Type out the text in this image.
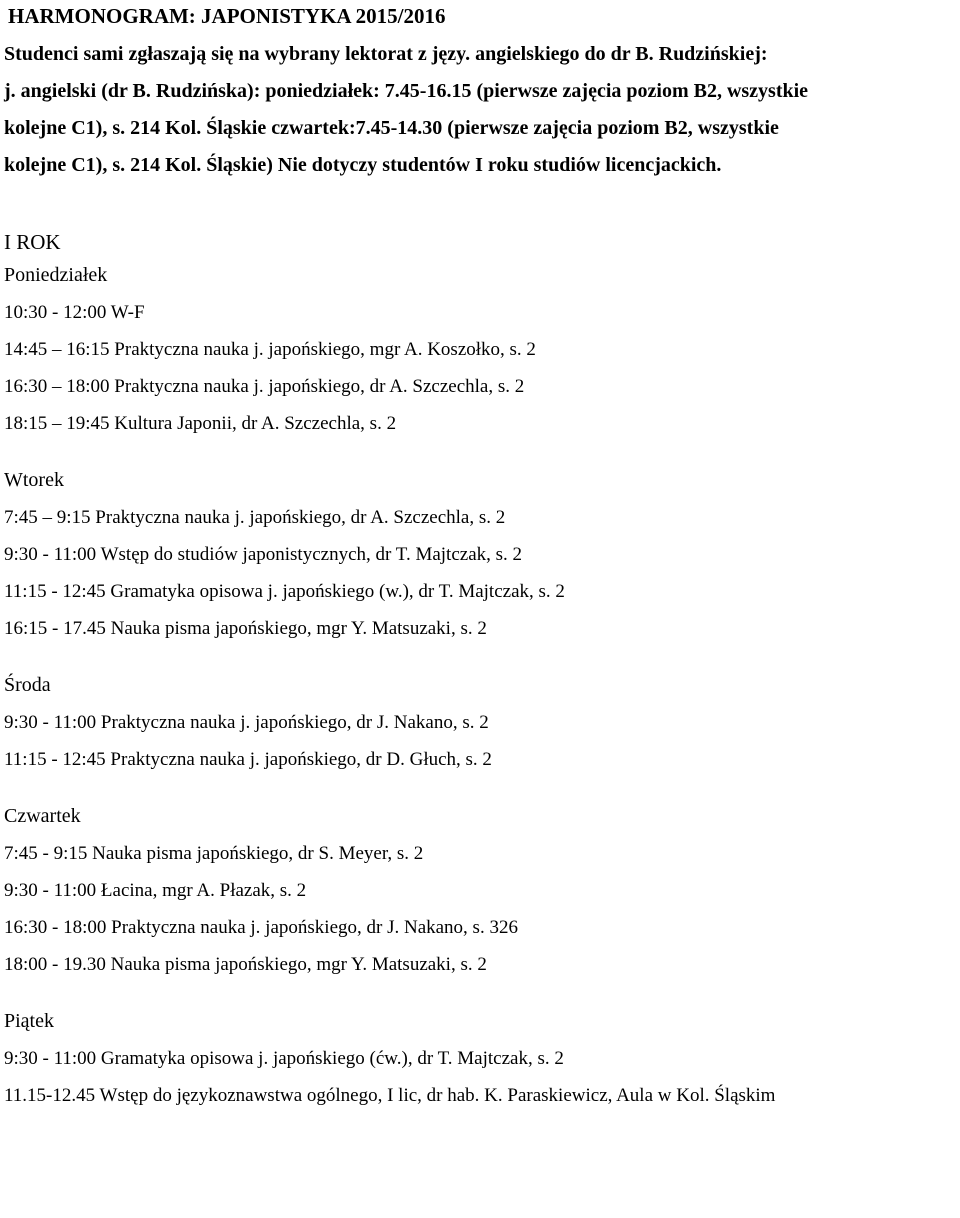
HARMONOGRAM: JAPONISTYKA 2015/2016

Studenci sami zgłaszają się na wybrany lektorat z języ. angielskiego do dr B. Rudzińskiej:

j. angielski (dr B. Rudzińska): poniedziałek: 7.45-16.15 (pierwsze zajęcia poziom B2, wszystkie

kolejne C1), s. 214 Kol. Śląskie czwartek:7.45-14.30 (pierwsze zajęcia poziom B2, wszystkie

kolejne C1), s. 214 Kol. Śląskie) Nie dotyczy studentów I roku studiów licencjackich.

I ROK

Poniedziałek

10:30 - 12:00 W-F

14:45 – 16:15 Praktyczna nauka j. japońskiego, mgr A. Koszołko, s. 2

16:30 – 18:00 Praktyczna nauka j. japońskiego, dr A. Szczechla, s. 2

18:15 – 19:45 Kultura Japonii, dr A. Szczechla, s. 2

Wtorek

7:45 – 9:15 Praktyczna nauka j. japońskiego, dr A. Szczechla, s. 2

9:30 - 11:00 Wstęp do studiów japonistycznych, dr T. Majtczak, s. 2

11:15 - 12:45 Gramatyka opisowa j. japońskiego (w.), dr T. Majtczak, s. 2

16:15 - 17.45 Nauka pisma japońskiego, mgr Y. Matsuzaki, s. 2

Środa

9:30 - 11:00 Praktyczna nauka j. japońskiego, dr J. Nakano, s. 2

11:15 - 12:45 Praktyczna nauka j. japońskiego, dr D. Głuch, s. 2

Czwartek

7:45 - 9:15 Nauka pisma japońskiego, dr S. Meyer, s. 2

9:30 - 11:00 Łacina, mgr A. Płazak, s. 2

16:30 - 18:00 Praktyczna nauka j. japońskiego, dr J. Nakano, s. 326

18:00 - 19.30 Nauka pisma japońskiego, mgr Y. Matsuzaki, s. 2

Piątek

9:30 - 11:00 Gramatyka opisowa j. japońskiego (ćw.), dr T. Majtczak, s. 2

11.15-12.45 Wstęp do językoznawstwa ogólnego, I lic, dr hab. K. Paraskiewicz, Aula w Kol. Śląskim
